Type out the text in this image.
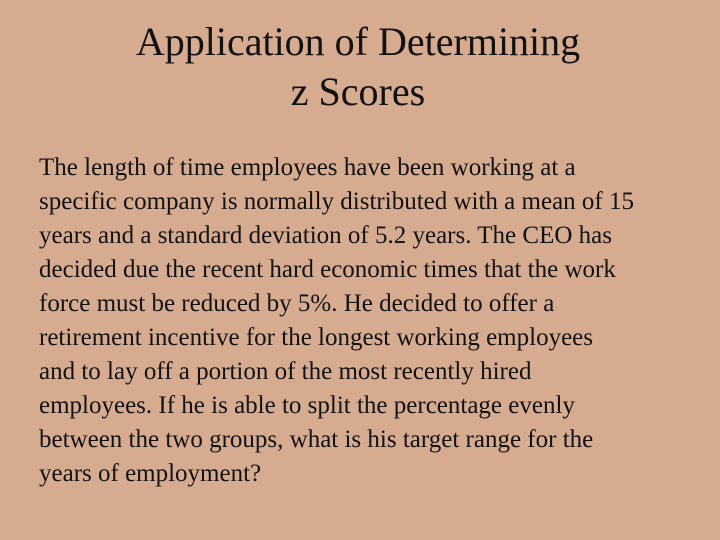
Application of Determining
z Scores
The length of time employees have been working at a
specific company is normally distributed with a mean of 15
years and a standard deviation of 5.2 years. The CEO has
decided due the recent hard economic times that the work
force must be reduced by 5%. He decided to offer a
retirement incentive for the longest working employees
and to lay off a portion of the most recently hired
employees. If he is able to split the percentage evenly
between the two groups, what is his target range for the
years of employment?
